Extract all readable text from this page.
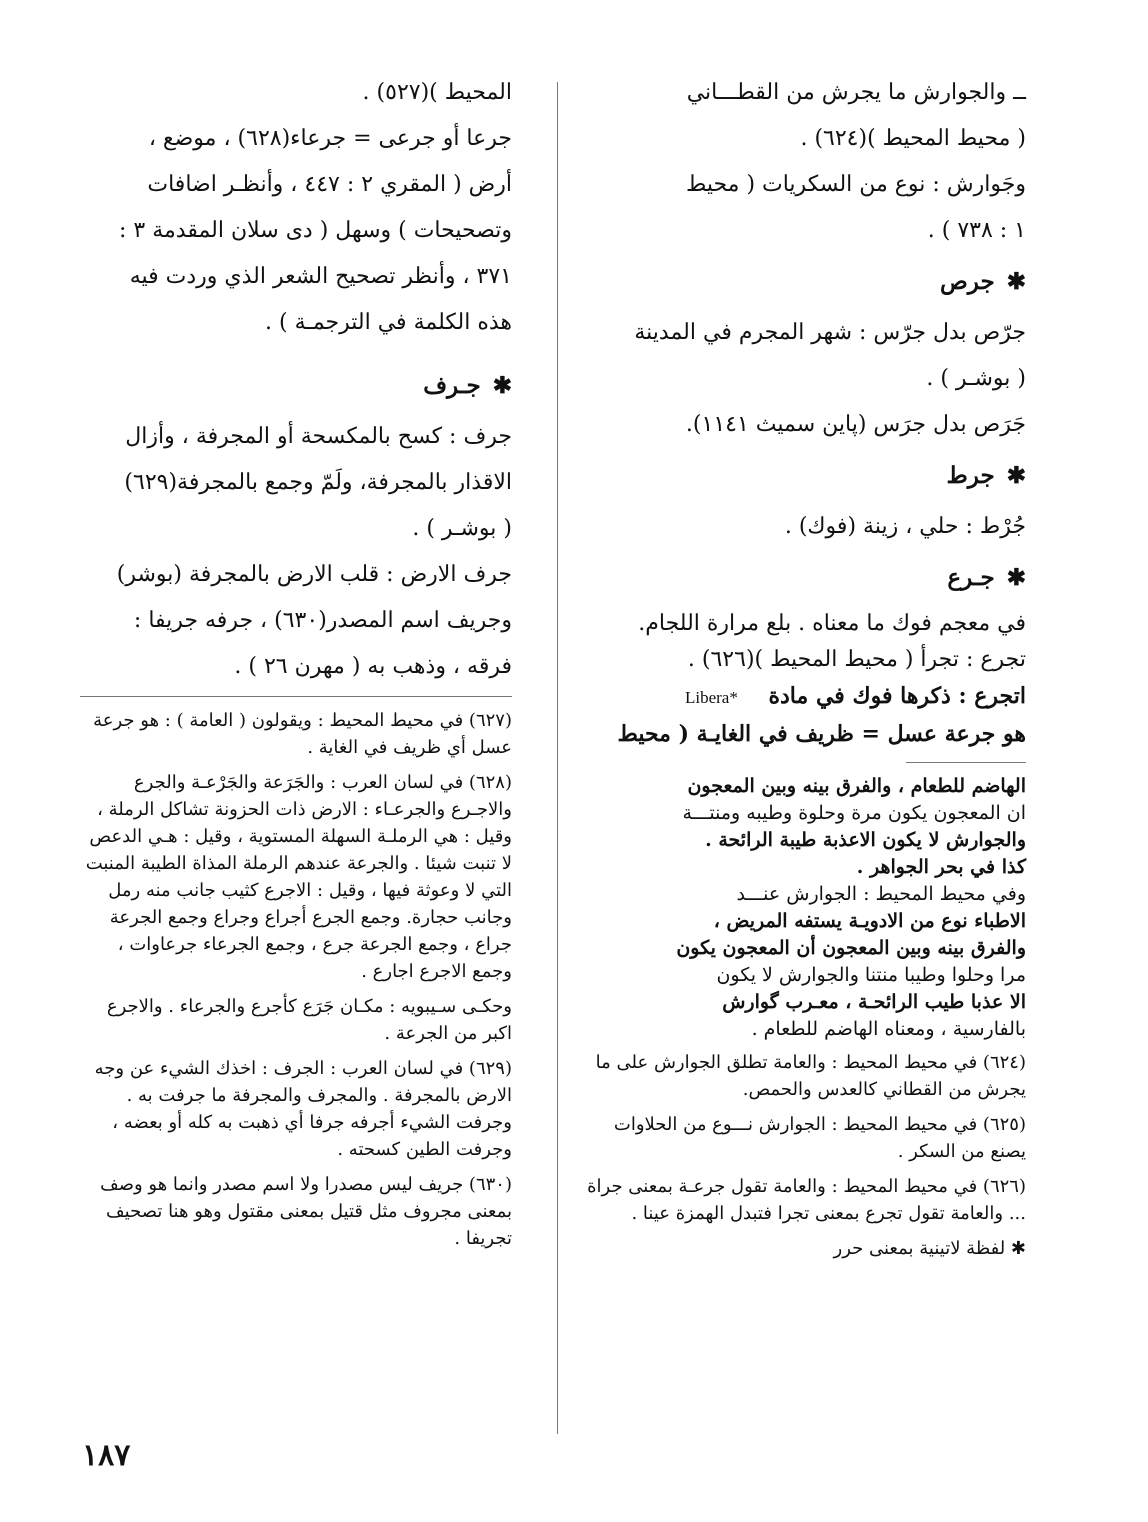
ــ والجوارش ما يجرش من القطـــاني

( محيط المحيط )(٦٢٤) .

وجَوارش : نوع من السكريات ( محيط

١ : ٧٣٨ ) .

✱جرص

جرّص بدل جرّس : شهر المجرم في المدينة

( بوشـر ) .

جَرَص بدل جرَس (پاين سميث ١١٤١).

✱جرط

جُرْط : حلي ، زينة (فوك) .

✱جـرع

في معجم فوك ما معناه . بلع مرارة اللجام.

تجرع : تجرأ ( محيط المحيط )(٦٢٦) .

اتجرع : ذكرها فوك في مادة    Libera*

هو جرعة عسل = ظريف في الغايـة ( محيط

الهاضم للطعام ، والفرق بينه وبين المعجون

ان المعجون يكون مرة وحلوة وطيبه ومنتـــة

والجوارش لا يكون الاعذبة طيبة الرائحة .

كذا في بحر الجواهر .

وفي محيط المحيط : الجوارش عنـــد

الاطباء نوع من الادويـة يستفه المريض ،

والفرق بينه وبين المعجون أن المعجون يكون

مرا وحلوا وطيبا منتنا والجوارش لا يكون

الا عذبا طيب الرائحـة ، معـرب گوارش

بالفارسية ، ومعناه الهاضم للطعام .

(٦٢٤) في محيط المحيط : والعامة تطلق الجوارش على ما يجرش من القطاني كالعدس والحمص.

(٦٢٥) في محيط المحيط : الجوارش نـــوع من الحلاوات يصنع من السكر .

(٦٢٦) في محيط المحيط : والعامة تقول جرعـة بمعنى جراة ... والعامة تقول تجرع بمعنى تجرا فتبدل الهمزة عينا .

✱ لفظة لاتينية بمعنى حرر

المحيط )(٥٢٧) .

جرعا أو جرعى = جرعاء(٦٢٨) ، موضع ،

أرض ( المقري ٢ : ٤٤٧ ، وأنظـر اضافات

وتصحيحات ) وسهل ( دى سلان المقدمة ٣ :

٣٧١ ، وأنظر تصحيح الشعر الذي وردت فيه

هذه الكلمة في الترجمـة ) .

✱جـرف

جرف : كسح بالمكسحة أو المجرفة ، وأزال

الاقذار بالمجرفة، ولَمّ وجمع بالمجرفة(٦٢٩)

( بوشـر ) .

جرف الارض : قلب الارض بالمجرفة (بوشر)

وجريف اسم المصدر(٦٣٠) ، جرفه جريفا :

فرقه ، وذهب به ( مهرن ٢٦ ) .

(٦٢٧) في محيط المحيط : ويقولون ( العامة ) : هو جرعة عسل أي ظريف في الغاية .

(٦٢٨) في لسان العرب : والجَرَعة والجَرْعـة والجرع والاجـرع والجرعـاء : الارض ذات الحزونة تشاكل الرملة ، وقيل : هي الرملـة السهلة المستوية ، وقيل : هـي الدعص لا تنبت شيئا . والجرعة عندهم الرملة المذاة الطيبة المنبت التي لا وعوثة فيها ، وقيل : الاجرع كثيب جانب منه رمل وجانب حجارة. وجمع الجرع أجراع وجراع وجمع الجرعة جراع ، وجمع الجرعة جرع ، وجمع الجرعاء جرعاوات ، وجمع الاجرع اجارع .

وحكـى سـيبويه : مكـان جَرَع كأجرع والجرعاء . والاجرع اكبر من الجرعة .

(٦٢٩) في لسان العرب : الجرف : اخذك الشيء عن وجه الارض بالمجرفة . والمجرف والمجرفة ما جرفت به . وجرفت الشيء أجرفه جرفا أي ذهبت به كله أو بعضه ، وجرفت الطين كسحته .

(٦٣٠) جريف ليس مصدرا ولا اسم مصدر وانما هو وصف بمعنى مجروف مثل قتيل بمعنى مقتول وهو هنا تصحيف تجريفا .

١٨٧
